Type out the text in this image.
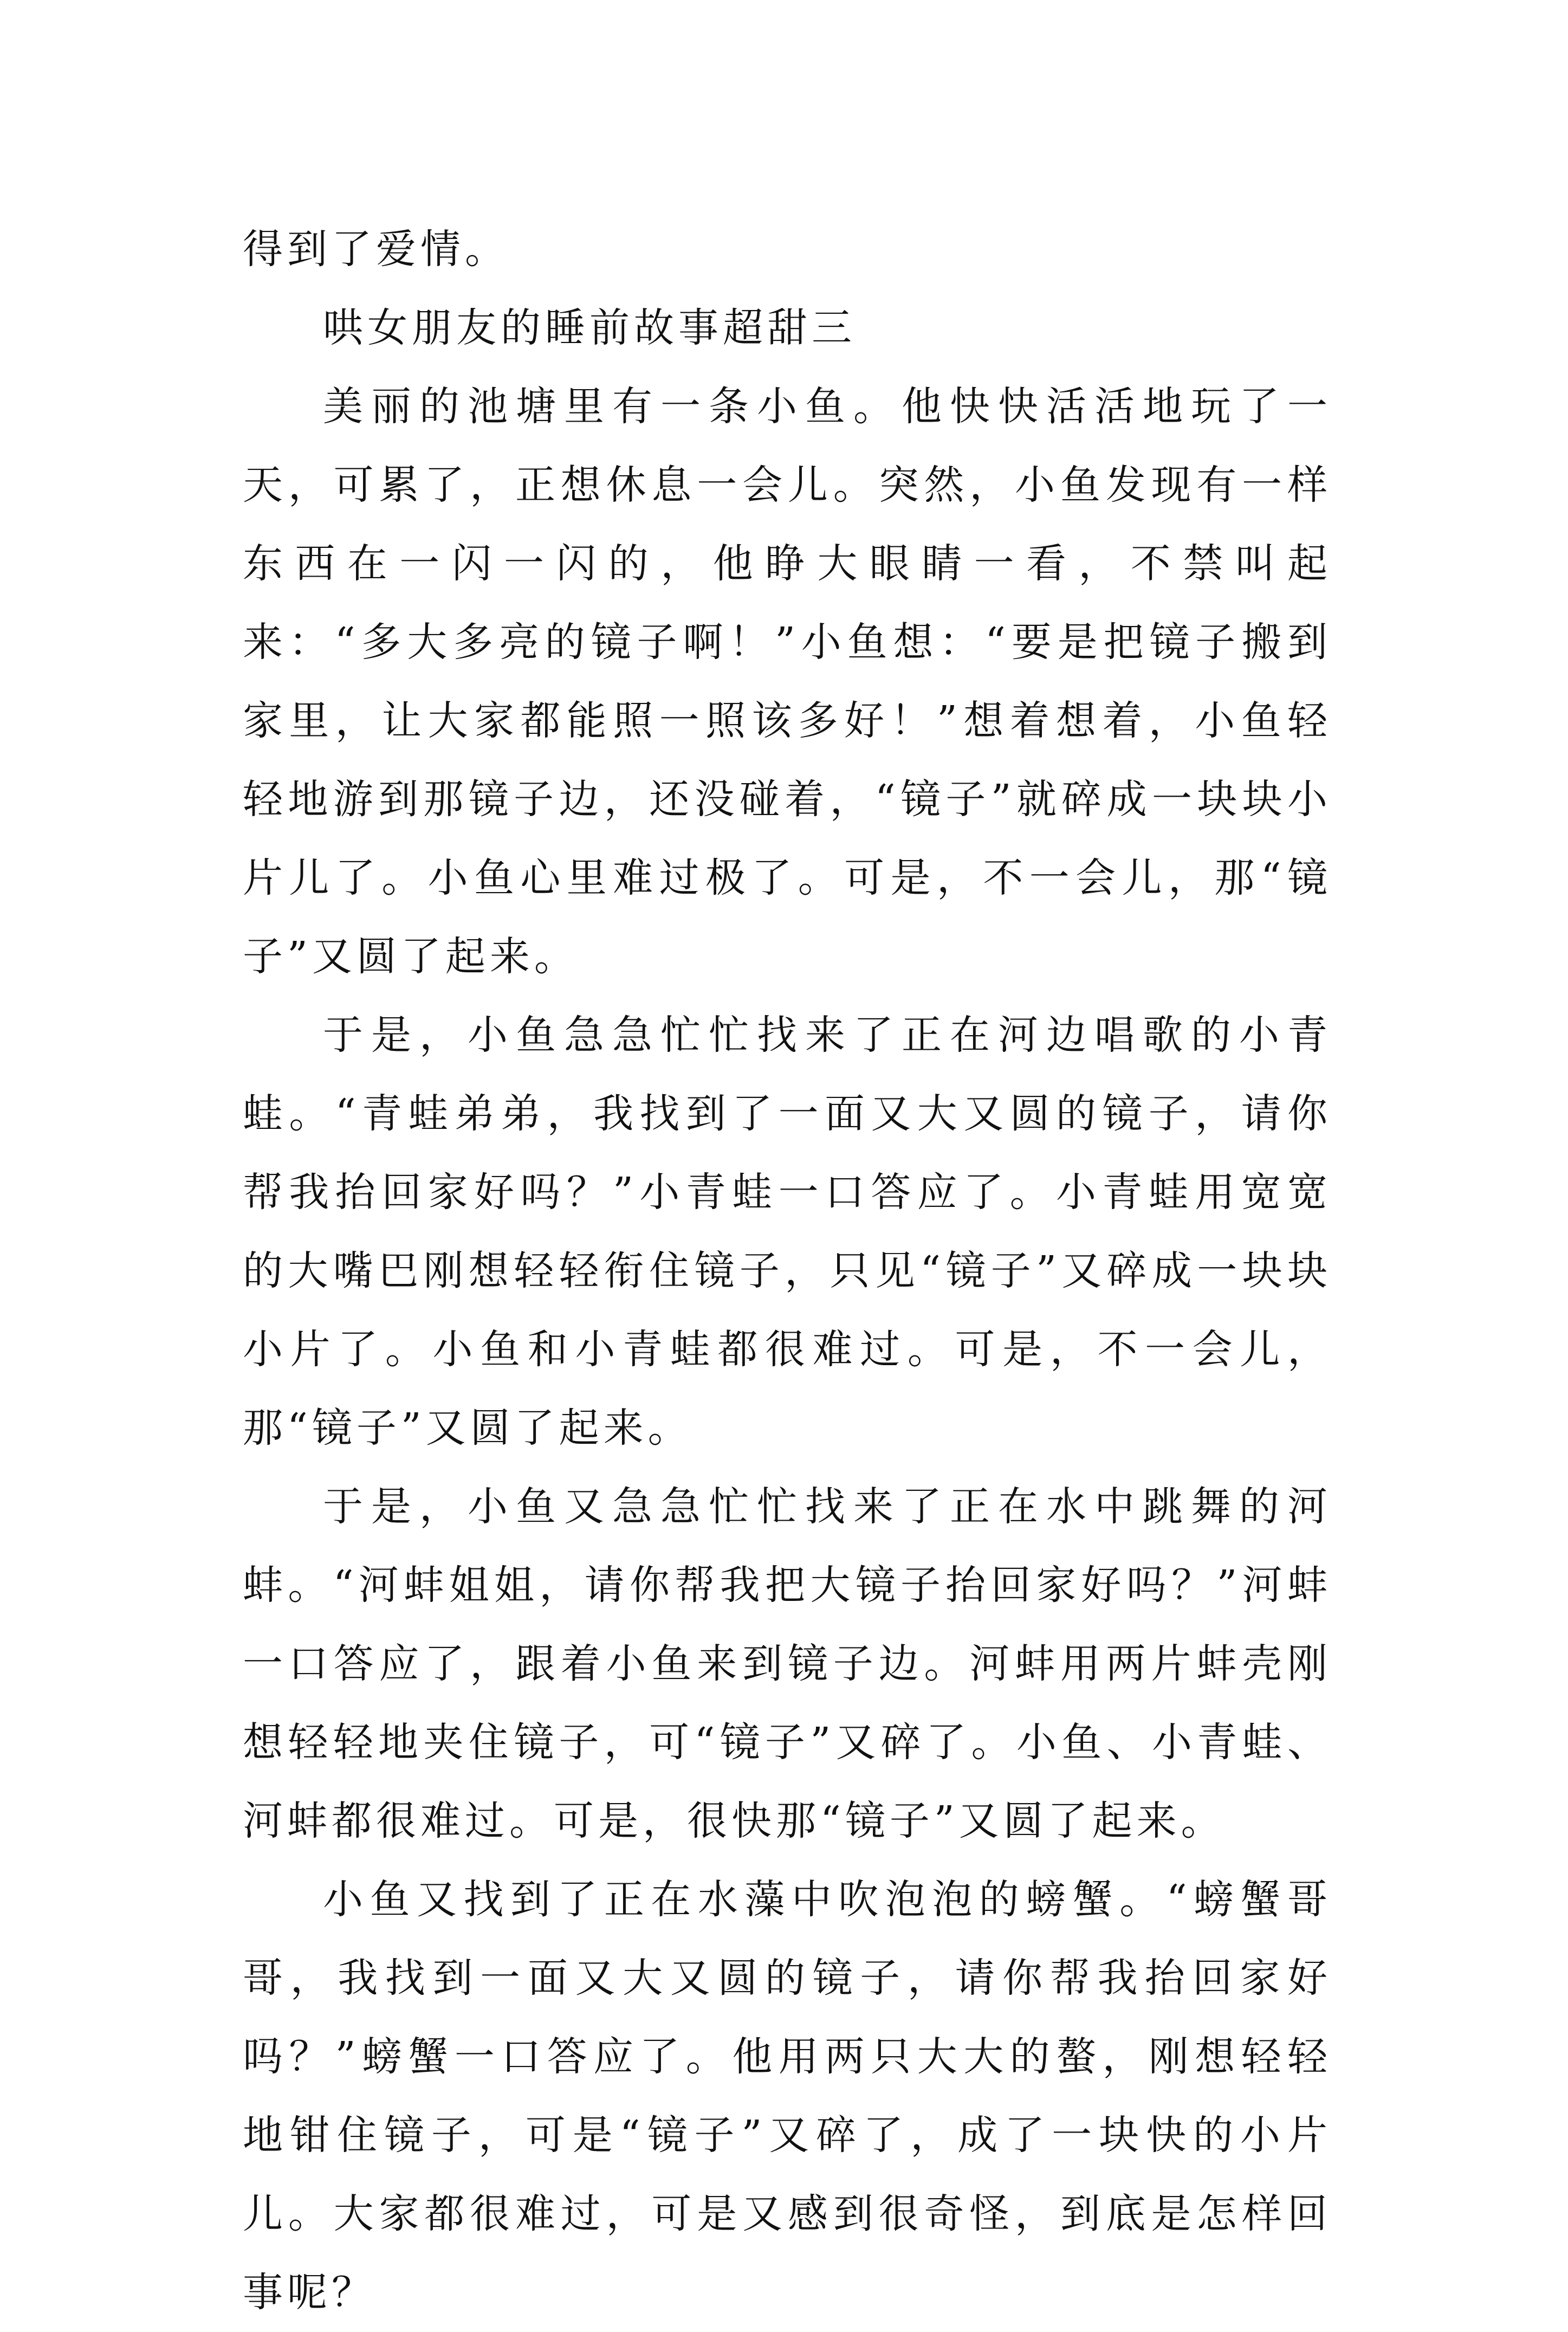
得到了爱情。

哄女朋友的睡前故事超甜三

美丽的池塘里有一条小鱼。他快快活活地玩了一天，可累了，正想休息一会儿。突然，小鱼发现有一样东西在一闪一闪的，他睁大眼睛一看，不禁叫起来：“多大多亮的镜子啊！”小鱼想：“要是把镜子搬到家里，让大家都能照一照该多好！”想着想着，小鱼轻轻地游到那镜子边，还没碰着，“镜子”就碎成一块块小片儿了。小鱼心里难过极了。可是，不一会儿，那“镜子”又圆了起来。

于是，小鱼急急忙忙找来了正在河边唱歌的小青蛙。“青蛙弟弟，我找到了一面又大又圆的镜子，请你帮我抬回家好吗？”小青蛙一口答应了。小青蛙用宽宽的大嘴巴刚想轻轻衔住镜子，只见“镜子”又碎成一块块小片了。小鱼和小青蛙都很难过。可是，不一会儿，那“镜子”又圆了起来。

于是，小鱼又急急忙忙找来了正在水中跳舞的河蚌。“河蚌姐姐，请你帮我把大镜子抬回家好吗？”河蚌一口答应了，跟着小鱼来到镜子边。河蚌用两片蚌壳刚想轻轻地夹住镜子，可“镜子”又碎了。小鱼、小青蛙、河蚌都很难过。可是，很快那“镜子”又圆了起来。

小鱼又找到了正在水藻中吹泡泡的螃蟹。“螃蟹哥哥，我找到一面又大又圆的镜子，请你帮我抬回家好吗？”螃蟹一口答应了。他用两只大大的螯，刚想轻轻地钳住镜子，可是“镜子”又碎了，成了一块快的小片儿。大家都很难过，可是又感到很奇怪，到底是怎样回事呢？
